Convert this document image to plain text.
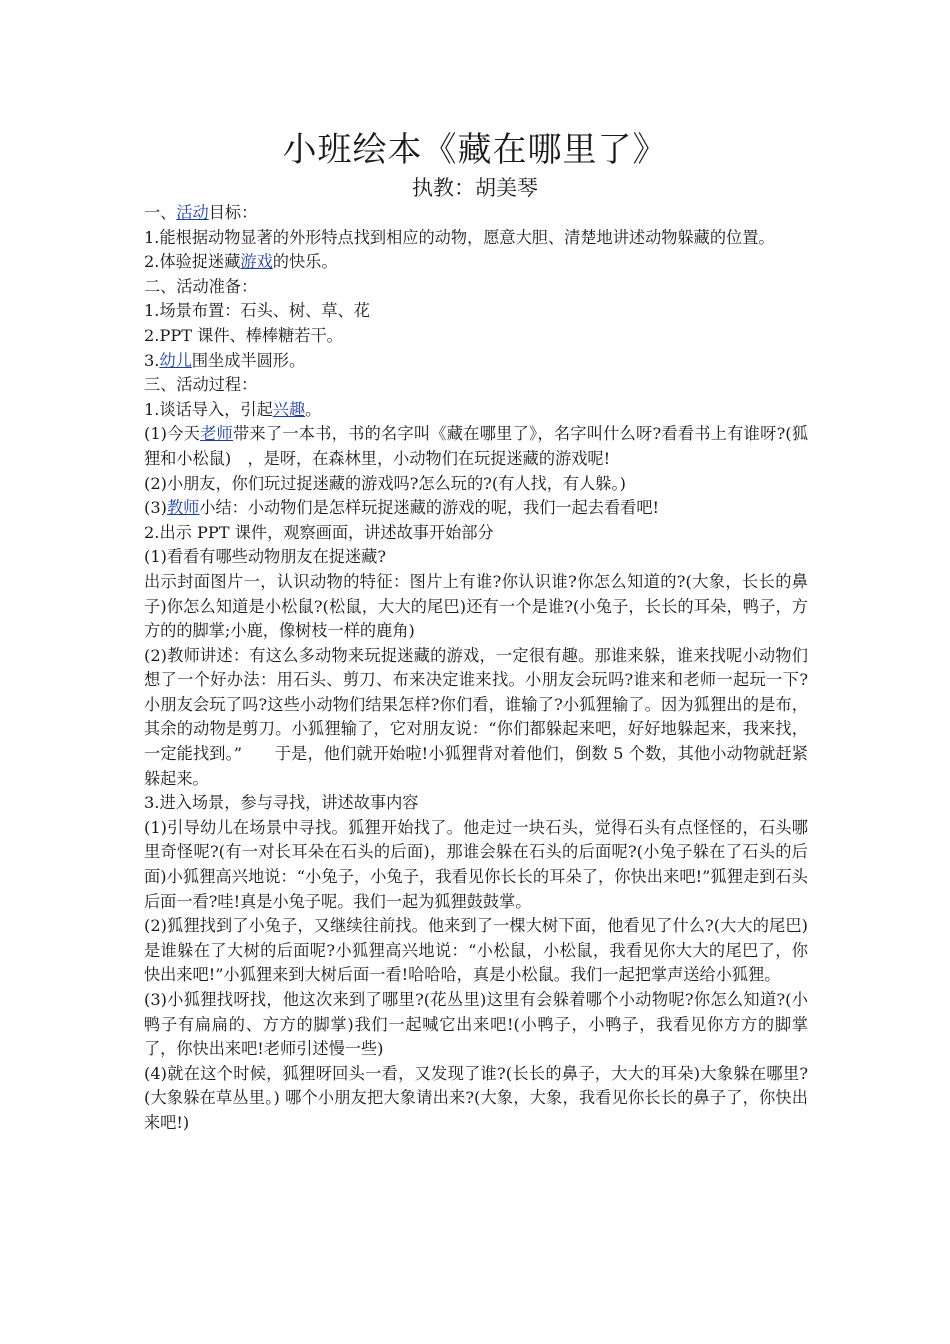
小班绘本《藏在哪里了》
执教：胡美琴

一、活动目标：

1.能根据动物显著的外形特点找到相应的动物，愿意大胆、清楚地讲述动物躲藏的位置。

2.体验捉迷藏游戏的快乐。

二、活动准备：

1.场景布置：石头、树、草、花

2.PPT 课件、棒棒糖若干。

3.幼儿围坐成半圆形。

三、活动过程：

1.谈话导入，引起兴趣。

(1)今天老师带来了一本书，书的名字叫《藏在哪里了》，名字叫什么呀?看看书上有谁呀?(狐狸和小松鼠)　，是呀，在森林里，小动物们在玩捉迷藏的游戏呢!

(2)小朋友，你们玩过捉迷藏的游戏吗?怎么玩的?(有人找，有人躲。)

(3)教师小结：小动物们是怎样玩捉迷藏的游戏的呢，我们一起去看看吧!

2.出示 PPT 课件，观察画面，讲述故事开始部分

(1)看看有哪些动物朋友在捉迷藏?

出示封面图片一，认识动物的特征：图片上有谁?你认识谁?你怎么知道的?(大象，长长的鼻子)你怎么知道是小松鼠?(松鼠，大大的尾巴)还有一个是谁?(小兔子，长长的耳朵，鸭子，方方的的脚掌;小鹿，像树枝一样的鹿角)

(2)教师讲述：有这么多动物来玩捉迷藏的游戏，一定很有趣。那谁来躲，谁来找呢小动物们想了一个好办法：用石头、剪刀、布来决定谁来找。小朋友会玩吗?谁来和老师一起玩一下?小朋友会玩了吗?这些小动物们结果怎样?你们看，谁输了?小狐狸输了。因为狐狸出的是布，其余的动物是剪刀。小狐狸输了，它对朋友说：“你们都躲起来吧，好好地躲起来，我来找，一定能找到。”　　于是，他们就开始啦!小狐狸背对着他们，倒数 5 个数，其他小动物就赶紧躲起来。

3.进入场景，参与寻找，讲述故事内容

(1)引导幼儿在场景中寻找。狐狸开始找了。他走过一块石头，觉得石头有点怪怪的，石头哪里奇怪呢?(有一对长耳朵在石头的后面)，那谁会躲在石头的后面呢?(小兔子躲在了石头的后面)小狐狸高兴地说：“小兔子，小兔子，我看见你长长的耳朵了，你快出来吧!”狐狸走到石头后面一看?哇!真是小兔子呢。我们一起为狐狸鼓鼓掌。

(2)狐狸找到了小兔子，又继续往前找。他来到了一棵大树下面，他看见了什么?(大大的尾巴)是谁躲在了大树的后面呢?小狐狸高兴地说：“小松鼠，小松鼠，我看见你大大的尾巴了，你快出来吧!”小狐狸来到大树后面一看!哈哈哈，真是小松鼠。我们一起把掌声送给小狐狸。

(3)小狐狸找呀找，他这次来到了哪里?(花丛里)这里有会躲着哪个小动物呢?你怎么知道?(小鸭子有扁扁的、方方的脚掌)我们一起喊它出来吧!(小鸭子，小鸭子，我看见你方方的脚掌了，你快出来吧!老师引述慢一些)

(4)就在这个时候，狐狸呀回头一看，又发现了谁?(长长的鼻子，大大的耳朵)大象躲在哪里?(大象躲在草丛里。) 哪个小朋友把大象请出来?(大象，大象，我看见你长长的鼻子了，你快出来吧!)
